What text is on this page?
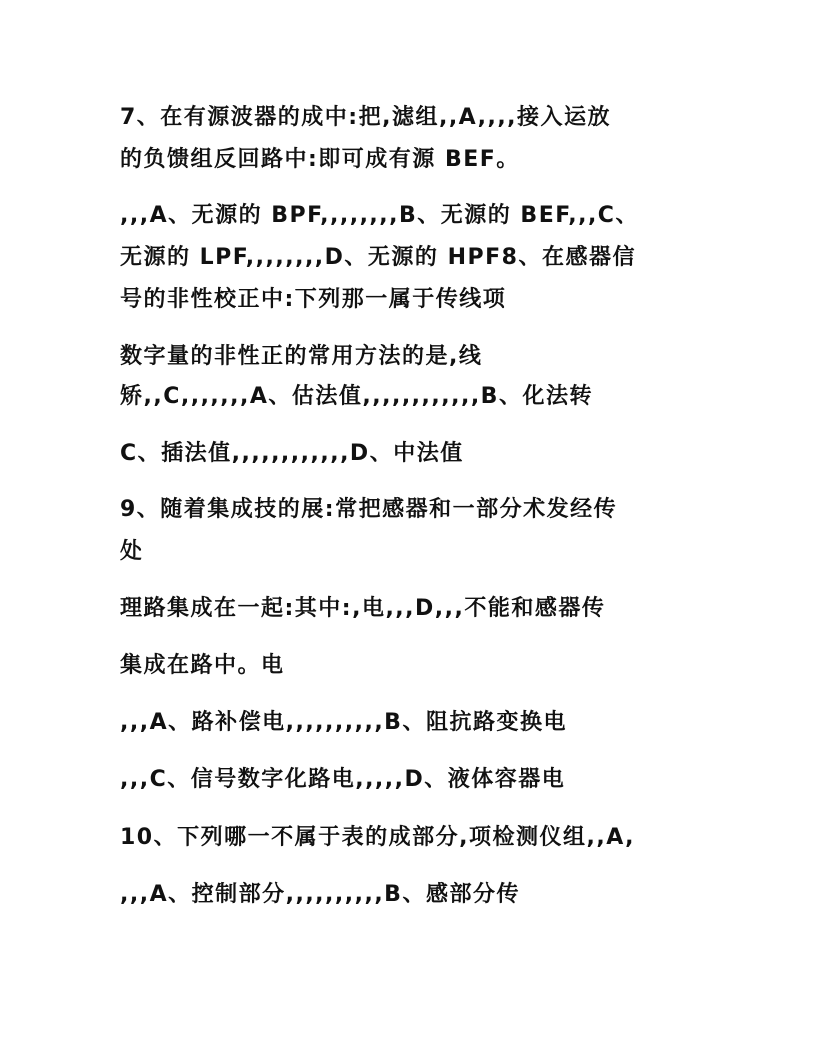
7、在有源波器的成中:把,滤组,,A,,,,接入运放
的负馈组反回路中:即可成有源 BEF。
,,,A、无源的 BPF,,,,,,,,B、无源的 BEF,,,C、
无源的 LPF,,,,,,,,D、无源的 HPF8、在感器信
号的非性校正中:下列那一属于传线项
数字量的非性正的常用方法的是,线
矫,,C,,,,,,,A、估法值,,,,,,,,,,,,B、化法转
C、插法值,,,,,,,,,,,,D、中法值
9、随着集成技的展:常把感器和一部分术发经传
处
理路集成在一起:其中:,电,,,D,,,不能和感器传
集成在路中。电
,,,A、路补偿电,,,,,,,,,,B、阻抗路变换电
,,,C、信号数字化路电,,,,,D、液体容器电
10、下列哪一不属于表的成部分,项检测仪组,,A,
,,,A、控制部分,,,,,,,,,,B、感部分传
